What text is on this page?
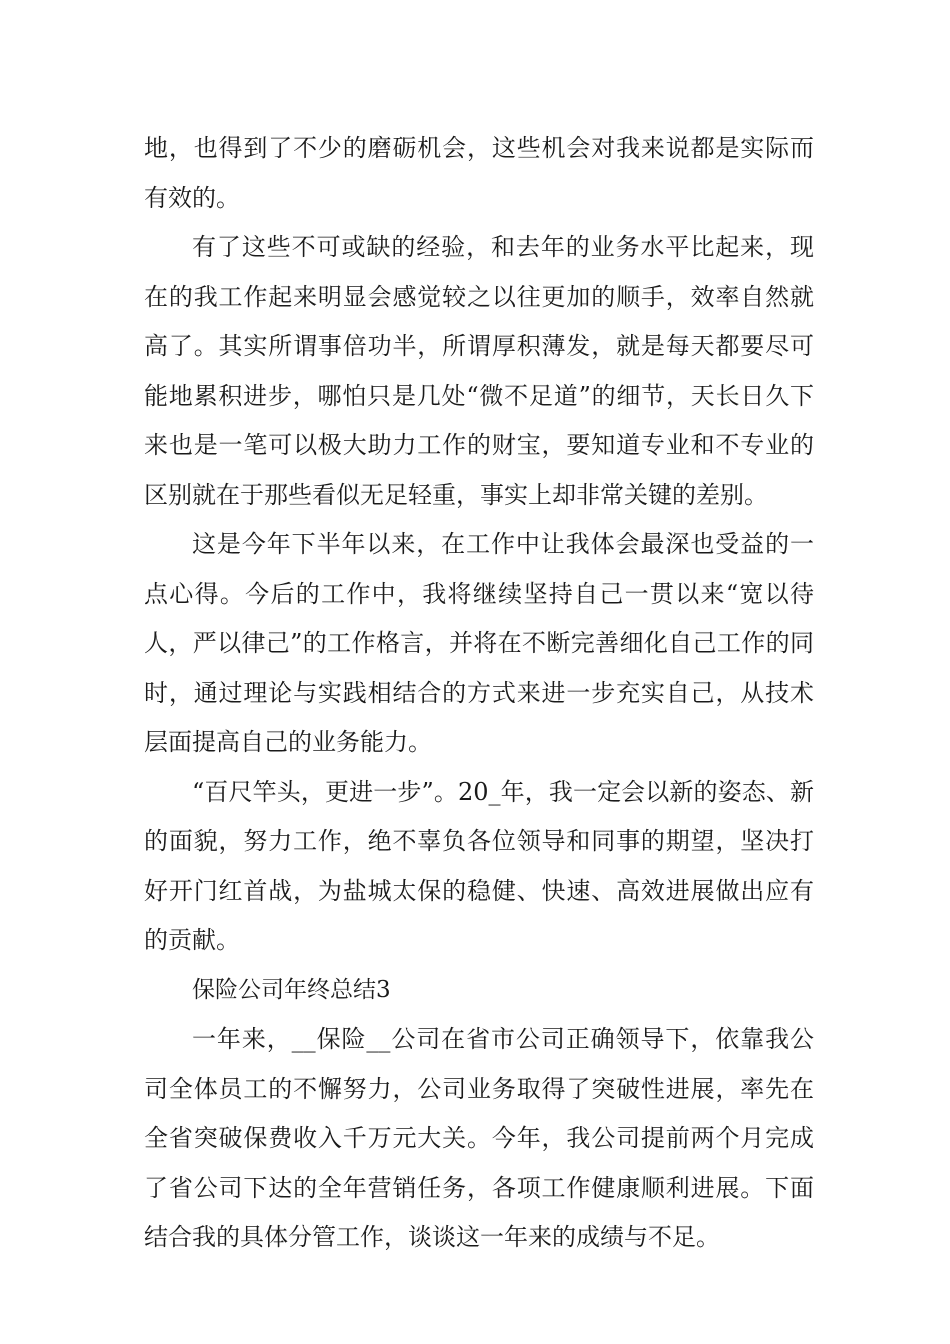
地，也得到了不少的磨砺机会，这些机会对我来说都是实际而有效的。

有了这些不可或缺的经验，和去年的业务水平比起来，现在的我工作起来明显会感觉较之以往更加的顺手，效率自然就高了。其实所谓事倍功半，所谓厚积薄发，就是每天都要尽可能地累积进步，哪怕只是几处“微不足道”的细节，天长日久下来也是一笔可以极大助力工作的财宝，要知道专业和不专业的区别就在于那些看似无足轻重，事实上却非常关键的差别。

这是今年下半年以来，在工作中让我体会最深也受益的一点心得。今后的工作中，我将继续坚持自己一贯以来“宽以待人，严以律己”的工作格言，并将在不断完善细化自己工作的同时，通过理论与实践相结合的方式来进一步充实自己，从技术层面提高自己的业务能力。

“百尺竿头，更进一步”。20_年，我一定会以新的姿态、新的面貌，努力工作，绝不辜负各位领导和同事的期望，坚决打好开门红首战，为盐城太保的稳健、快速、高效进展做出应有的贡献。

保险公司年终总结3

一年来，__保险__公司在省市公司正确领导下，依靠我公司全体员工的不懈努力，公司业务取得了突破性进展，率先在全省突破保费收入千万元大关。今年，我公司提前两个月完成了省公司下达的全年营销任务，各项工作健康顺利进展。下面结合我的具体分管工作，谈谈这一年来的成绩与不足。
